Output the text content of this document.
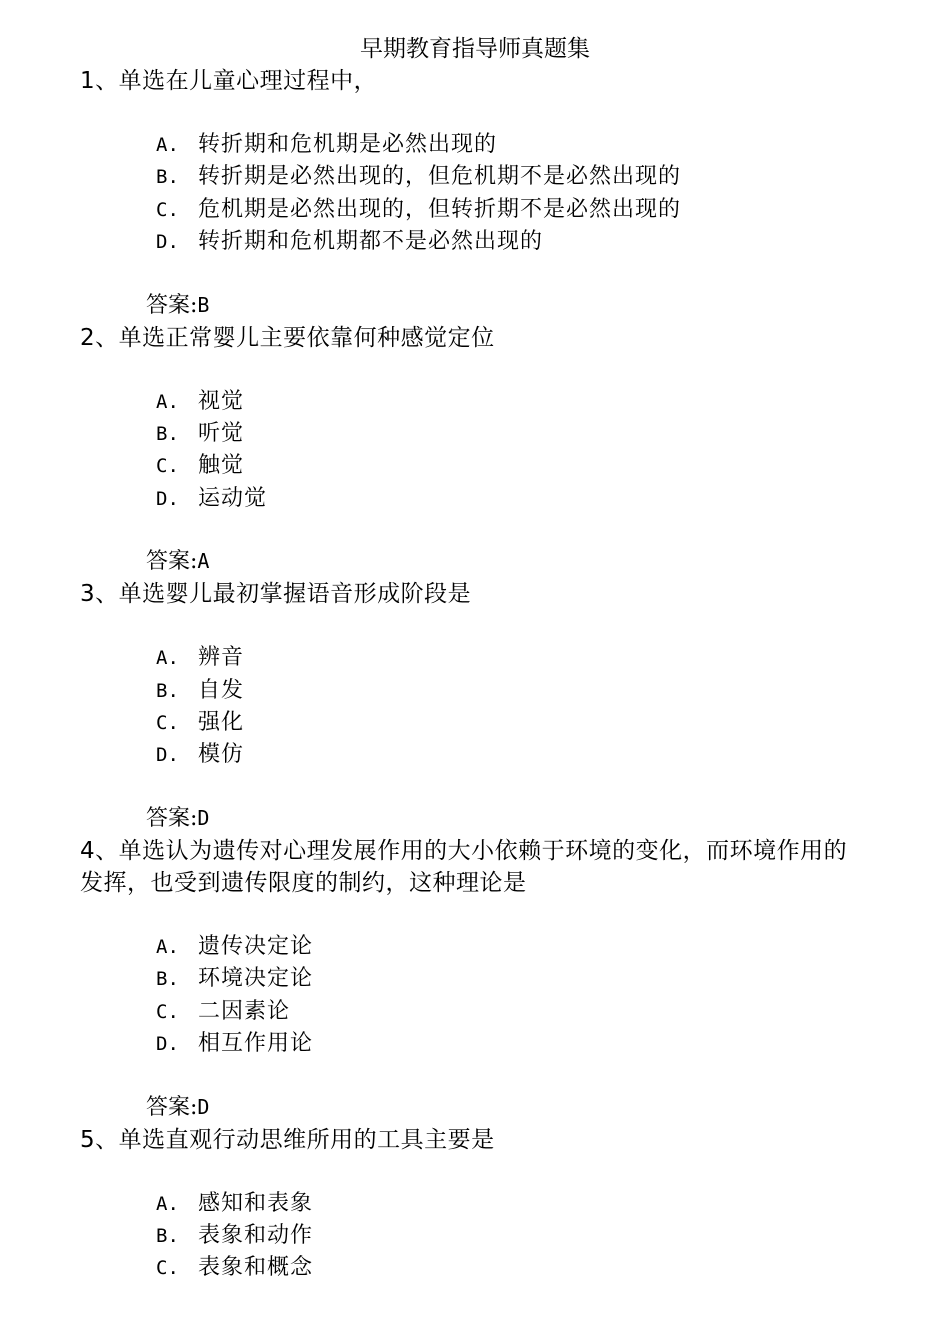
早期教育指导师真题集

1、单选在儿童心理过程中，

A. 转折期和危机期是必然出现的
B. 转折期是必然出现的，但危机期不是必然出现的
C. 危机期是必然出现的，但转折期不是必然出现的
D. 转折期和危机期都不是必然出现的
答案:B

2、单选正常婴儿主要依靠何种感觉定位

A. 视觉
B. 听觉
C. 触觉
D. 运动觉
答案:A

3、单选婴儿最初掌握语音形成阶段是

A. 辨音
B. 自发
C. 强化
D. 模仿
答案:D

4、单选认为遗传对心理发展作用的大小依赖于环境的变化，而环境作用的发挥，也受到遗传限度的制约，这种理论是

A. 遗传决定论
B. 环境决定论
C. 二因素论
D. 相互作用论
答案:D

5、单选直观行动思维所用的工具主要是

A. 感知和表象
B. 表象和动作
C. 表象和概念
